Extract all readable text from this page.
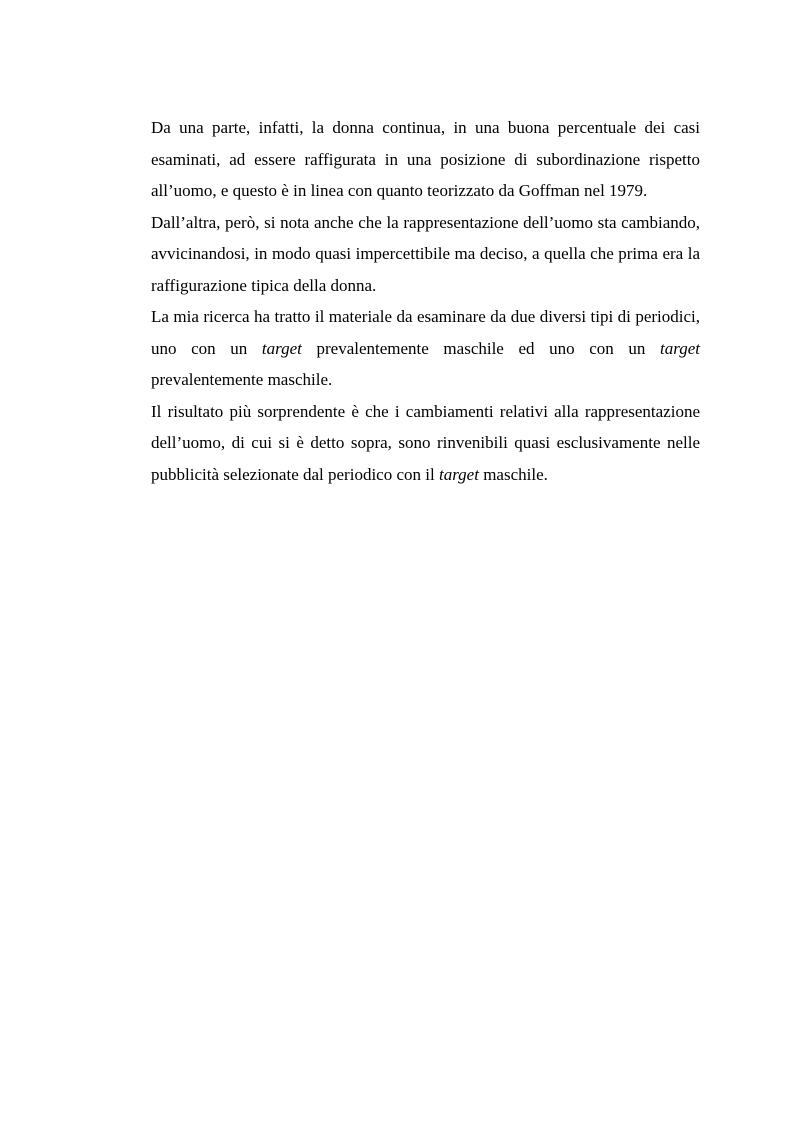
Da una parte, infatti, la donna continua, in una buona percentuale dei casi esaminati, ad essere raffigurata in una posizione di subordinazione rispetto all’uomo, e questo è in linea con quanto teorizzato da Goffman nel 1979.

Dall’altra, però, si nota anche che la rappresentazione dell’uomo sta cambiando, avvicinandosi, in modo quasi impercettibile ma deciso, a quella che prima era la raffigurazione tipica della donna.

La mia ricerca ha tratto il materiale da esaminare da due diversi tipi di periodici, uno con un target prevalentemente maschile ed uno con un target prevalentemente maschile.

Il risultato più sorprendente è che i cambiamenti relativi alla rappresentazione dell’uomo, di cui si è detto sopra, sono rinvenibili quasi esclusivamente nelle pubblicità selezionate dal periodico con il target maschile.
